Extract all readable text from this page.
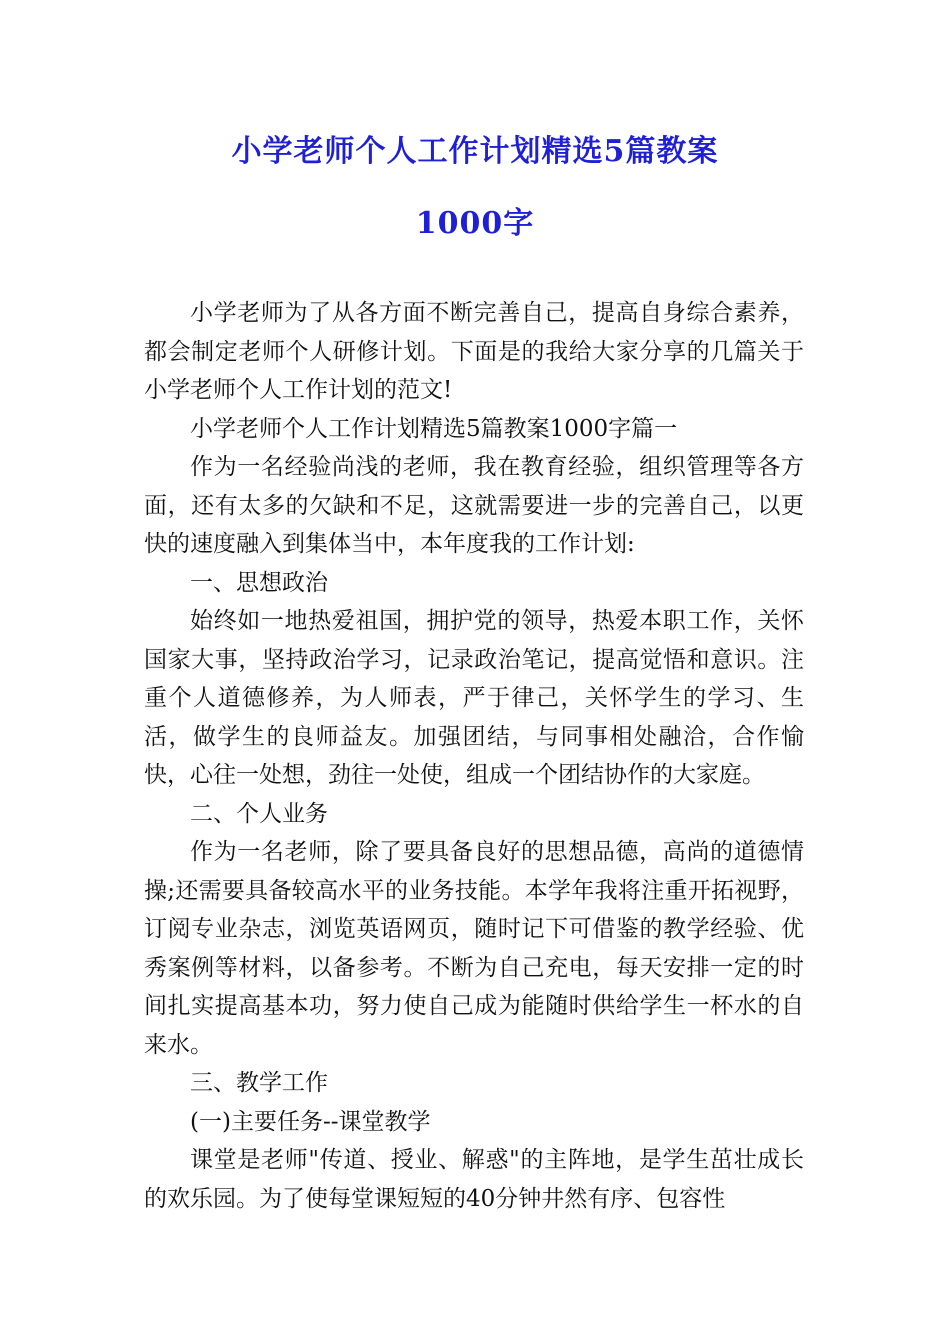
小学老师个人工作计划精选5篇教案
1000字

小学老师为了从各方面不断完善自己，提高自身综合素养，都会制定老师个人研修计划。下面是的我给大家分享的几篇关于小学老师个人工作计划的范文!

小学老师个人工作计划精选5篇教案1000字篇一

作为一名经验尚浅的老师，我在教育经验，组织管理等各方面，还有太多的欠缺和不足，这就需要进一步的完善自己，以更快的速度融入到集体当中，本年度我的工作计划:

一、思想政治

始终如一地热爱祖国，拥护党的领导，热爱本职工作，关怀国家大事，坚持政治学习，记录政治笔记，提高觉悟和意识。注重个人道德修养，为人师表，严于律己，关怀学生的学习、生活，做学生的良师益友。加强团结，与同事相处融洽，合作愉快，心往一处想，劲往一处使，组成一个团结协作的大家庭。

二、个人业务

作为一名老师，除了要具备良好的思想品德，高尚的道德情操;还需要具备较高水平的业务技能。本学年我将注重开拓视野，订阅专业杂志，浏览英语网页，随时记下可借鉴的教学经验、优秀案例等材料，以备参考。不断为自己充电，每天安排一定的时间扎实提高基本功，努力使自己成为能随时供给学生一杯水的自来水。

三、教学工作

(一)主要任务--课堂教学

课堂是老师"传道、授业、解惑"的主阵地，是学生茁壮成长的欢乐园。为了使每堂课短短的40分钟井然有序、包容性
